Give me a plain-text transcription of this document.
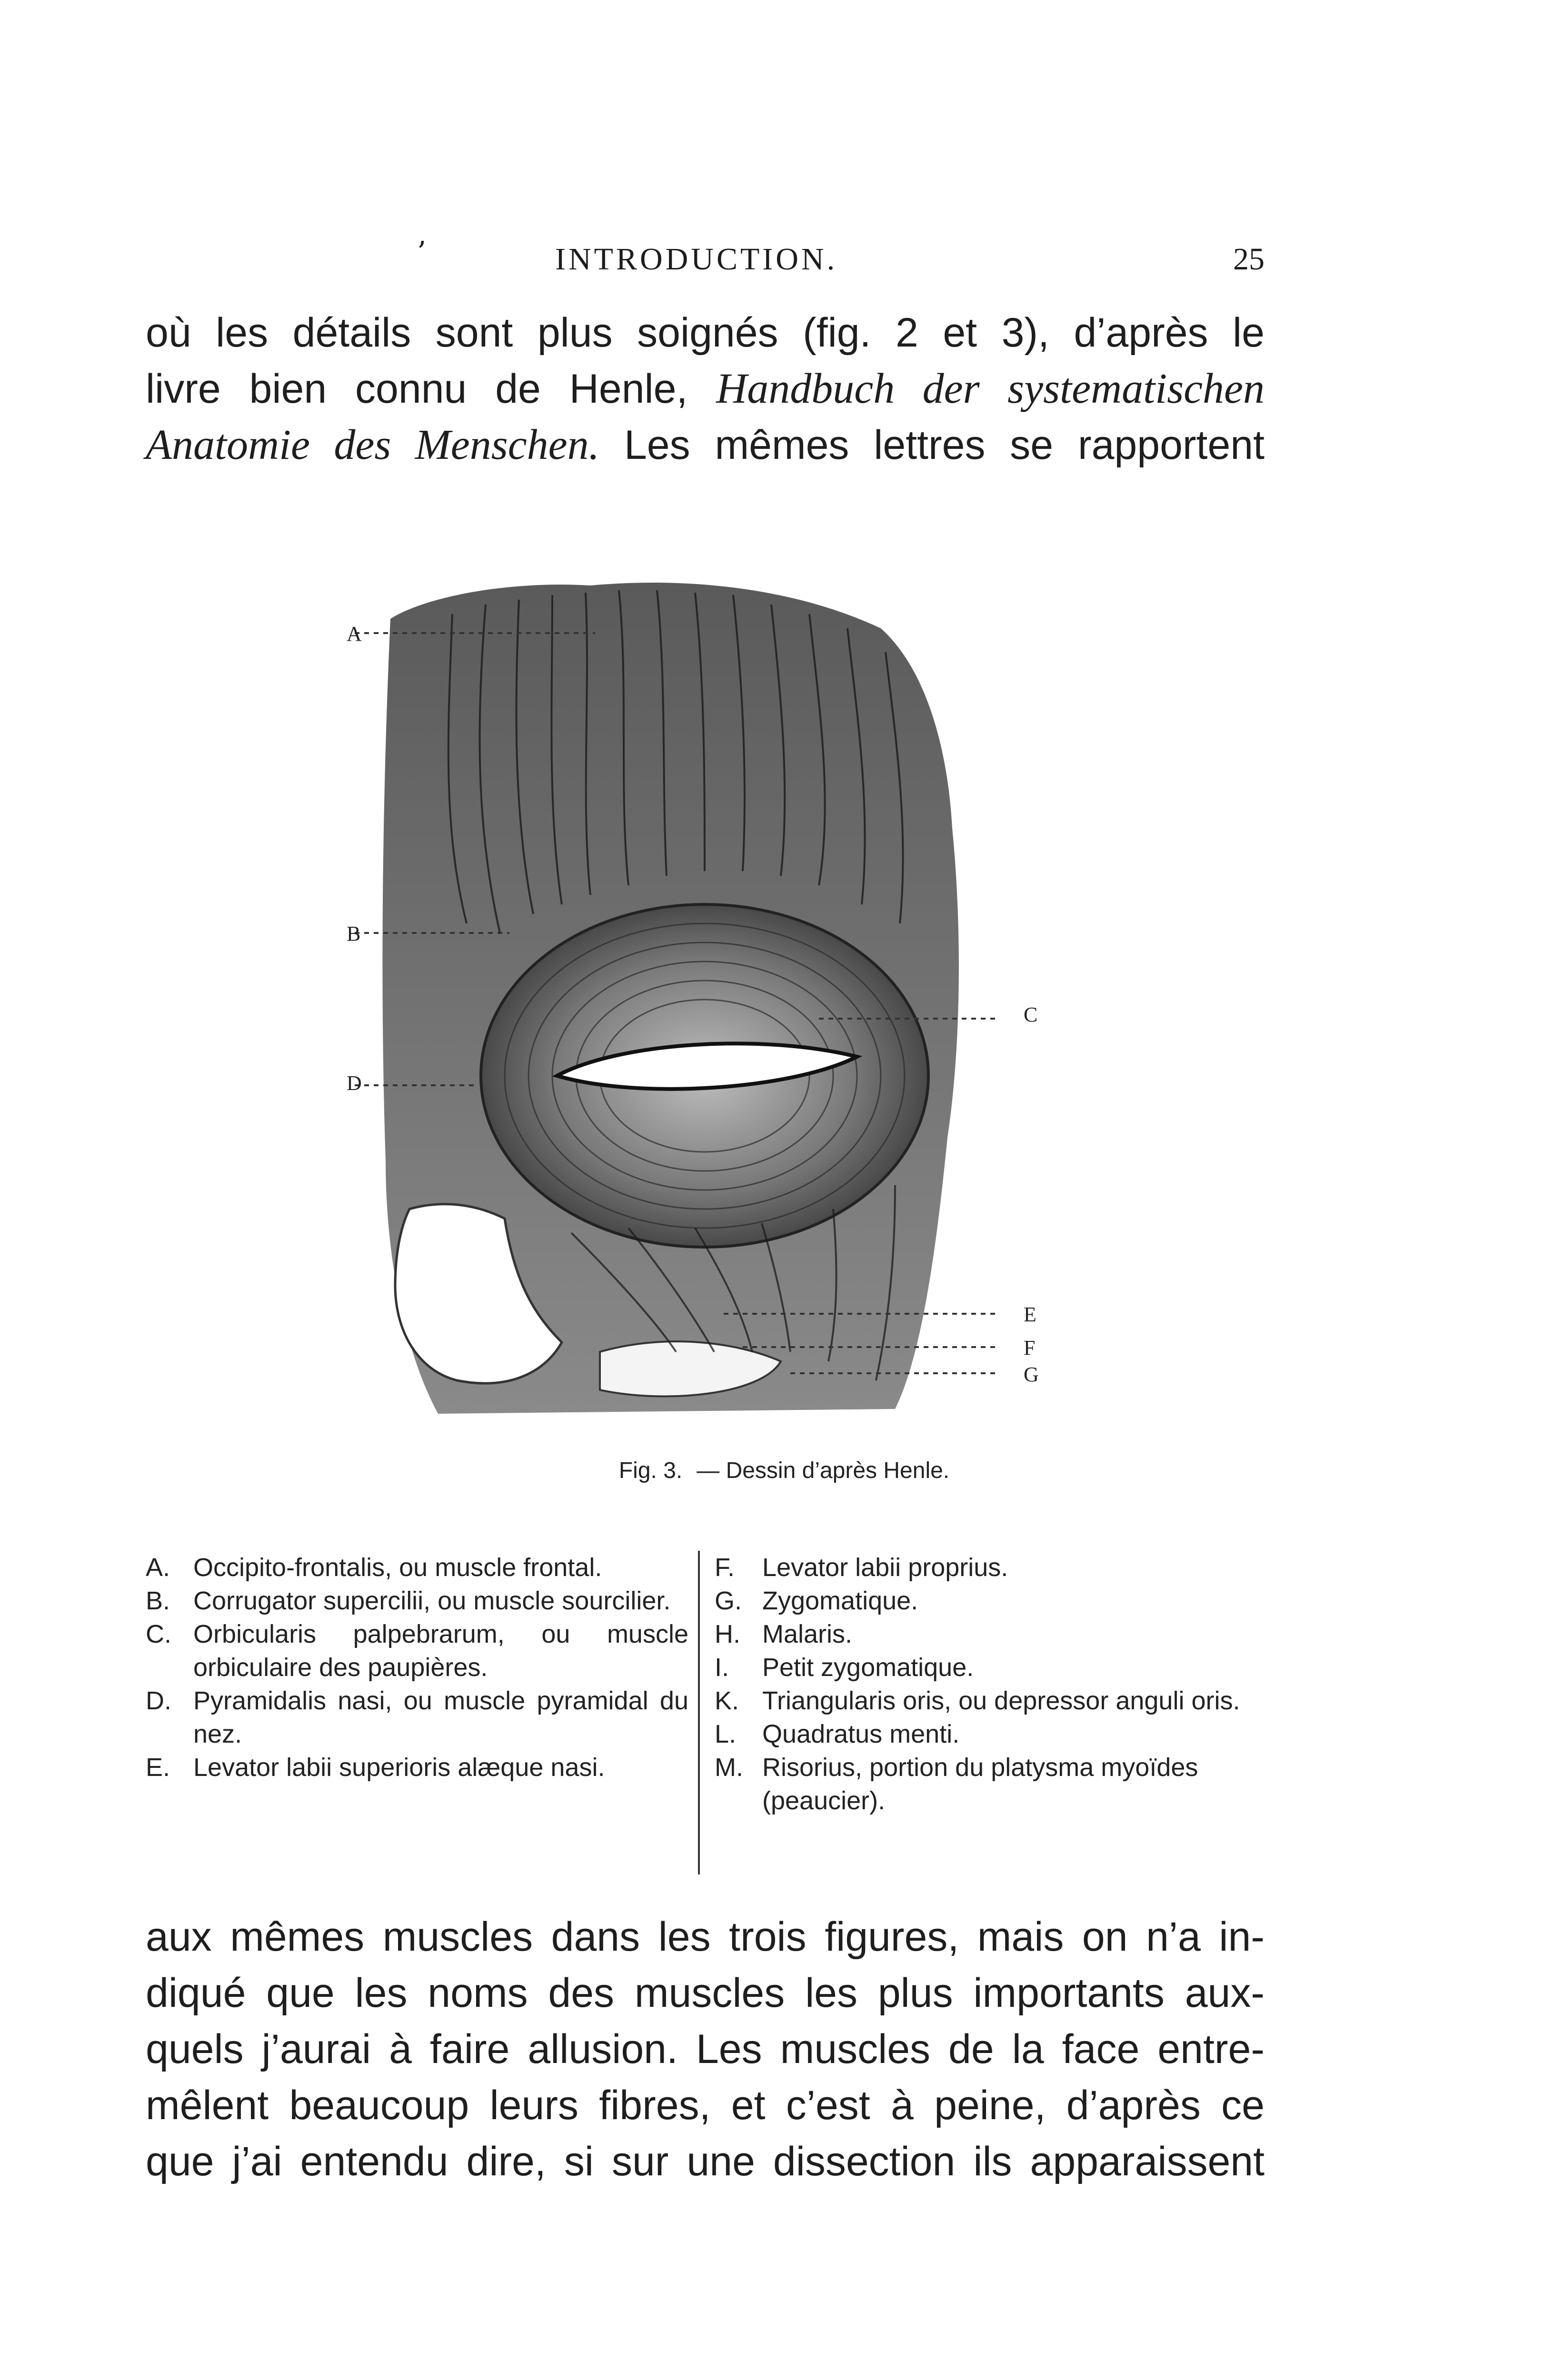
’	INTRODUCTION.	25
où les détails sont plus soignés (fig. 2 et 3), d’après le
livre bien connu de Henle, Handbuch der systematischen
Anatomie des Menschen. Les mêmes lettres se rapportent
A
B
C
D
E
F
G
Fig. 3. — Dessin d’après Henle.
A. Occipito-frontalis, ou muscle frontal.
B. Corrugator supercilii, ou muscle sourcilier.
C. Orbicularis palpebrarum, ou muscle orbiculaire des paupières.
D. Pyramidalis nasi, ou muscle pyramidal du nez.
E. Levator labii superioris alæque nasi.
F. Levator labii proprius.
G. Zygomatique.
H. Malaris.
I. Petit zygomatique.
K. Triangularis oris, ou depressor anguli oris.
L. Quadratus menti.
M. Risorius, portion du platysma myoïdes (peaucier).
aux mêmes muscles dans les trois figures, mais on n’a in-
diqué que les noms des muscles les plus importants aux-
quels j’aurai à faire allusion. Les muscles de la face entre-
mêlent beaucoup leurs fibres, et c’est à peine, d’après ce
que j’ai entendu dire, si sur une dissection ils apparaissent
